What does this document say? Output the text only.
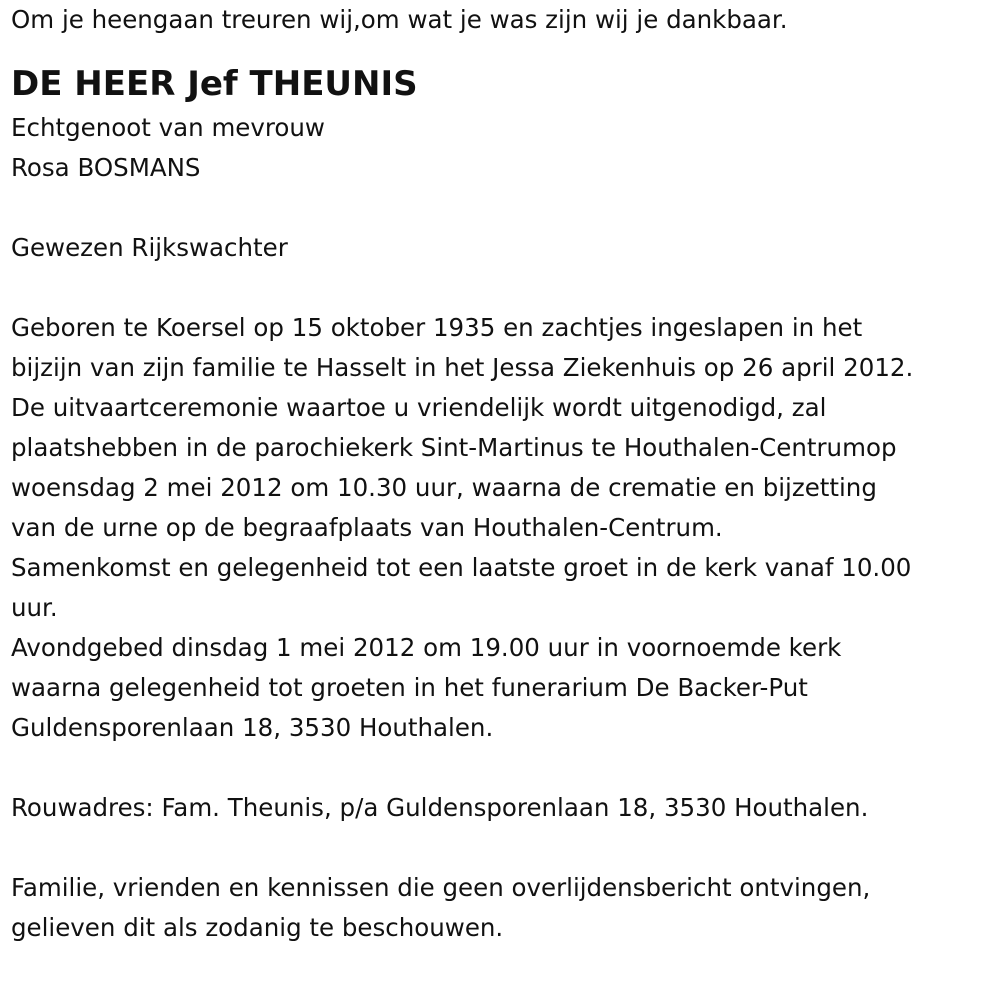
Om je heengaan treuren wij,om wat je was zijn wij je dankbaar.
DE HEER Jef THEUNIS
Echtgenoot van mevrouw
Rosa BOSMANS
Gewezen Rijkswachter
Geboren te Koersel op 15 oktober 1935 en zachtjes ingeslapen in het
bijzijn van zijn familie te Hasselt in het Jessa Ziekenhuis op 26 april 2012.
De uitvaartceremonie waartoe u vriendelijk wordt uitgenodigd, zal
plaatshebben in de parochiekerk Sint-Martinus te Houthalen-Centrumop
woensdag 2 mei 2012 om 10.30 uur, waarna de crematie en bijzetting
van de urne op de begraafplaats van Houthalen-Centrum.
Samenkomst en gelegenheid tot een laatste groet in de kerk vanaf 10.00
uur.
Avondgebed dinsdag 1 mei 2012 om 19.00 uur in voornoemde kerk
waarna gelegenheid tot groeten in het funerarium De Backer-Put
Guldensporenlaan 18, 3530 Houthalen.
Rouwadres: Fam. Theunis, p/a Guldensporenlaan 18, 3530 Houthalen.
Familie, vrienden en kennissen die geen overlijdensbericht ontvingen,
gelieven dit als zodanig te beschouwen.
